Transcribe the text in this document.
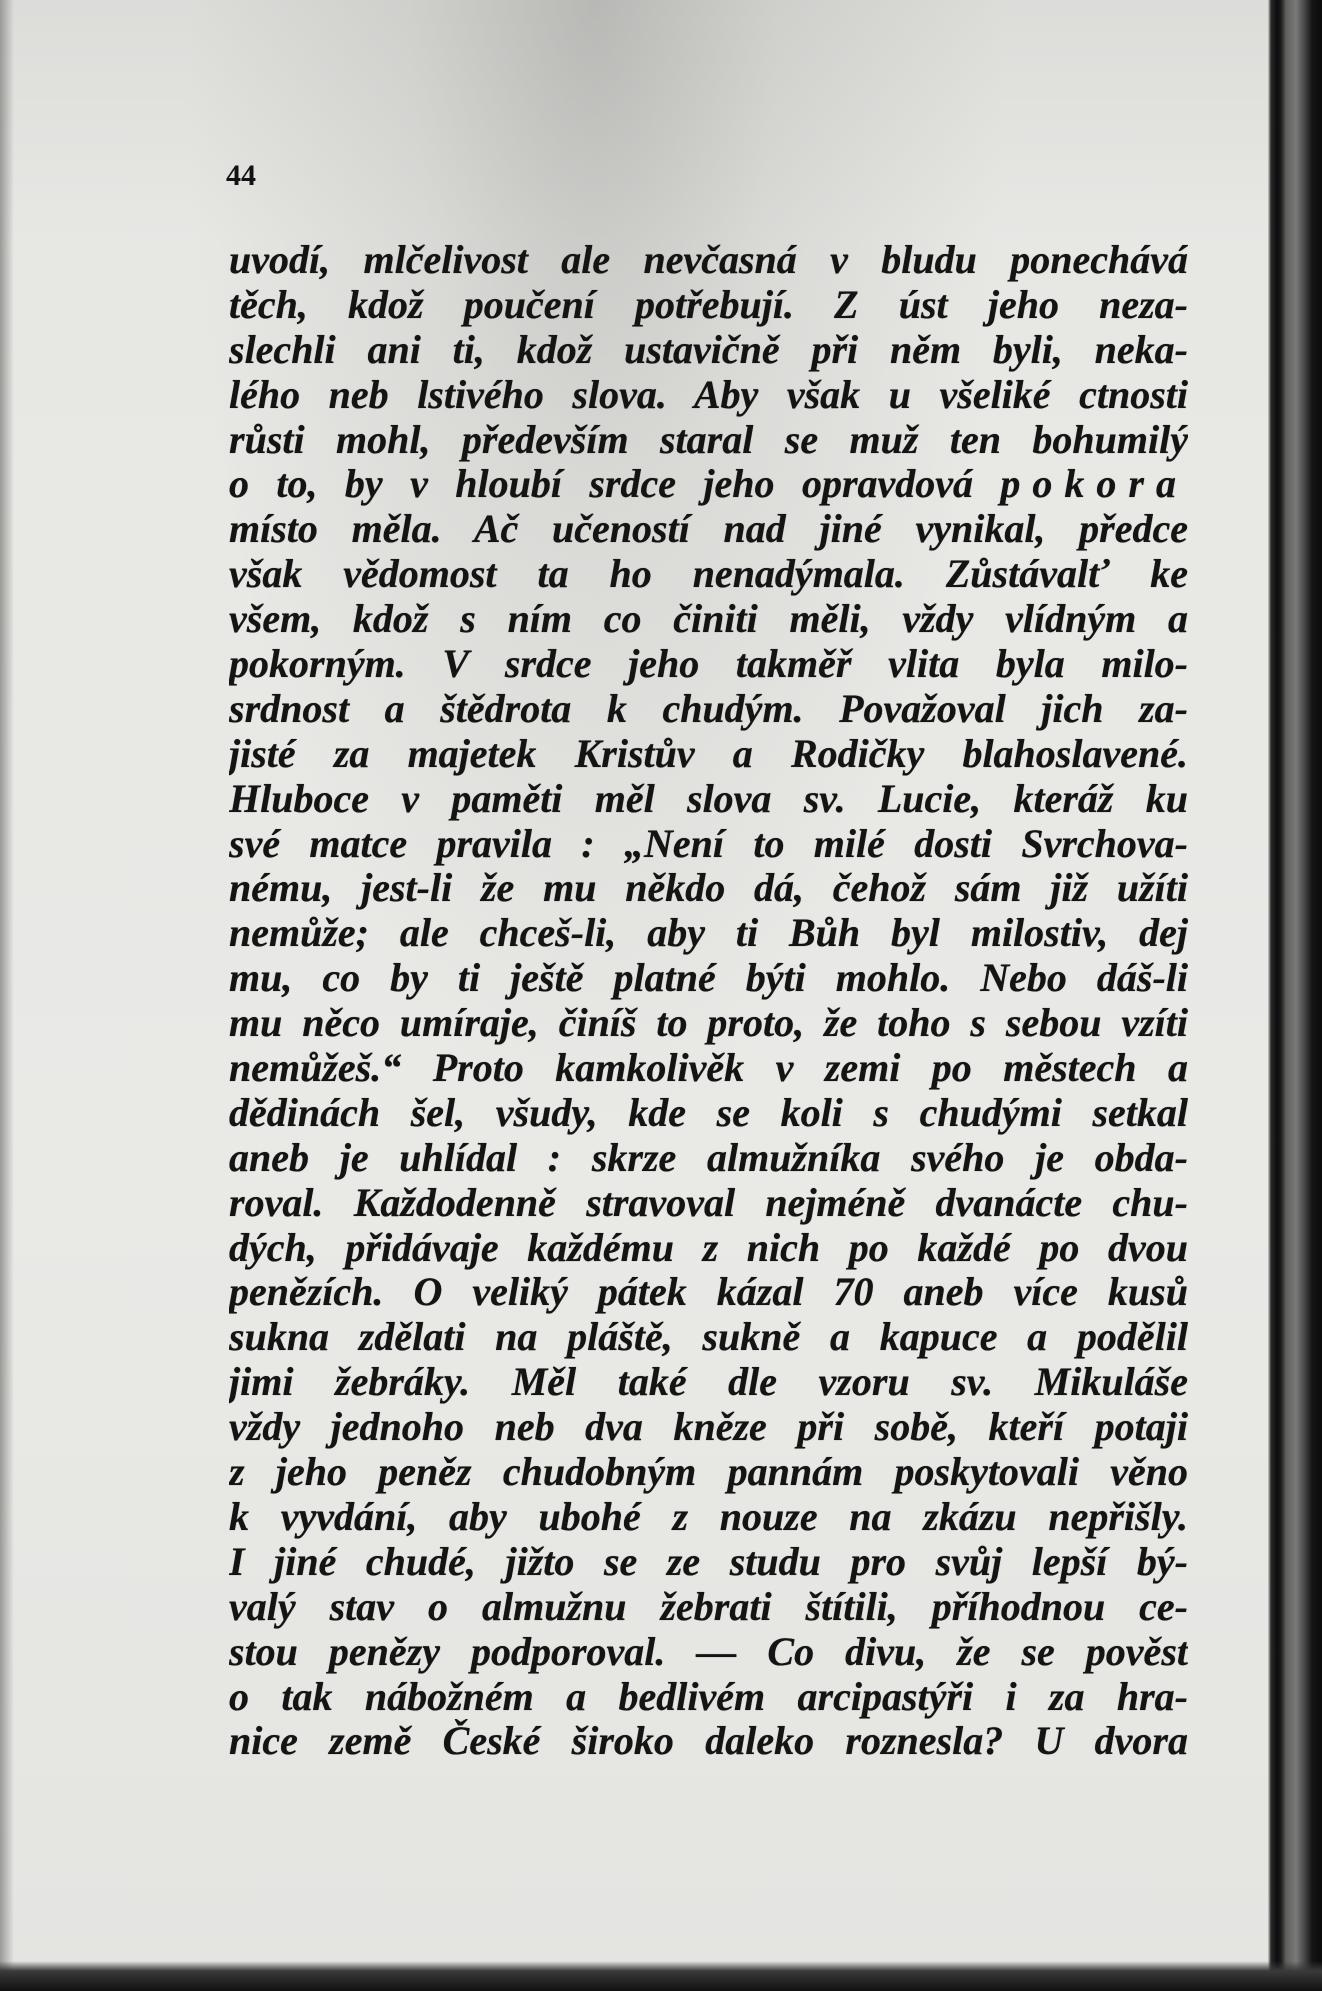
44
uvodí, mlčelivost ale nevčasná v bludu ponechává
těch, kdož poučení potřebují. Z úst jeho neza-
slechli ani ti, kdož ustavičně při něm byli, neka-
lého neb lstivého slova. Aby však u všeliké ctnosti
růsti mohl, především staral se muž ten bohumilý
o to, by v hloubí srdce jeho opravdová pokora
místo měla. Ač učeností nad jiné vynikal, předce
však vědomost ta ho nenadýmala. Zůstávalť ke
všem, kdož s ním co činiti měli, vždy vlídným a
pokorným. V srdce jeho takměř vlita byla milo-
srdnost a štědrota k chudým. Považoval jich za-
jisté za majetek Kristův a Rodičky blahoslavené.
Hluboce v paměti měl slova sv. Lucie, kteráž ku
své matce pravila : „Není to milé dosti Svrchova-
nému, jest-li že mu někdo dá, čehož sám již užíti
nemůže; ale chceš-li, aby ti Bůh byl milostiv, dej
mu, co by ti ještě platné býti mohlo. Nebo dáš-li
mu něco umíraje, činíš to proto, že toho s sebou vzíti
nemůžeš.“ Proto kamkolivěk v zemi po městech a
dědinách šel, všudy, kde se koli s chudými setkal
aneb je uhlídal : skrze almužníka svého je obda-
roval. Každodenně stravoval nejméně dvanácte chu-
dých, přidávaje každému z nich po každé po dvou
penězích. O veliký pátek kázal 70 aneb více kusů
sukna zdělati na pláště, sukně a kapuce a podělil
jimi žebráky. Měl také dle vzoru sv. Mikuláše
vždy jednoho neb dva kněze při sobě, kteří potaji
z jeho peněz chudobným pannám poskytovali věno
k vyvdání, aby ubohé z nouze na zkázu nepřišly.
I jiné chudé, jižto se ze studu pro svůj lepší bý-
valý stav o almužnu žebrati štítili, příhodnou ce-
stou penězy podporoval. — Co divu, že se pověst
o tak nábožném a bedlivém arcipastýři i za hra-
nice země České široko daleko roznesla? U dvora
